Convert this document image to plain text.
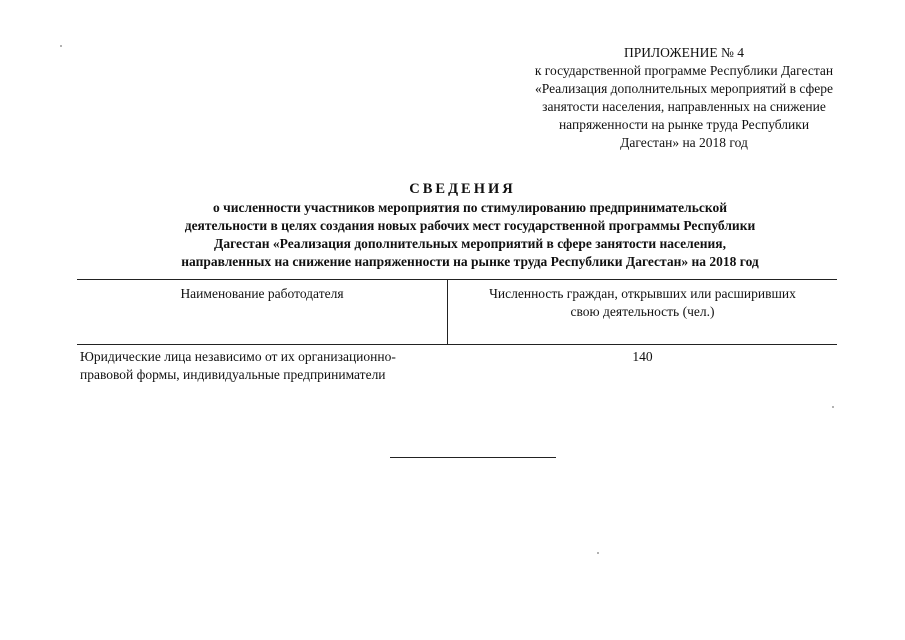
ПРИЛОЖЕНИЕ № 4
к государственной программе Республики Дагестан
«Реализация дополнительных мероприятий в сфере
занятости населения, направленных на снижение
напряженности на рынке труда Республики
Дагестан» на 2018 год
СВЕДЕНИЯ
о численности участников мероприятия по стимулированию предпринимательской
деятельности в целях создания новых рабочих мест государственной программы Республики
Дагестан «Реализация дополнительных мероприятий в сфере занятости населения,
направленных на снижение напряженности на рынке труда Республики Дагестан» на 2018 год
Наименование работодателя	Численность граждан, открывших или расширивших
свою деятельность (чел.)
Юридические лица независимо от их организационно-
правовой формы, индивидуальные предприниматели
140
